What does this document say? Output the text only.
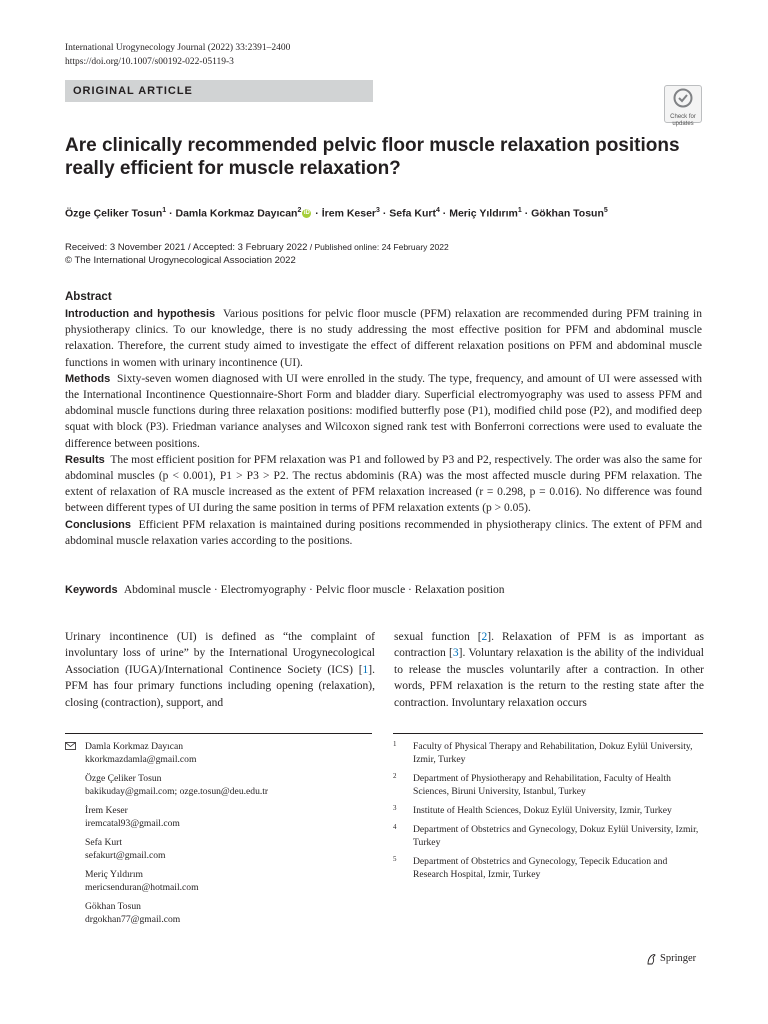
International Urogynecology Journal (2022) 33:2391–2400
https://doi.org/10.1007/s00192-022-05119-3
ORIGINAL ARTICLE
Check for updates
Are clinically recommended pelvic floor muscle relaxation positions
really efficient for muscle relaxation?
Özge Çeliker Tosun$^1$ · Damla Korkmaz Dayıcan$^2$ iD · İrem Keser$^3$ · Sefa Kurt$^4$ · Meriç Yıldırım$^1$ · Gökhan Tosun$^5$
Received: 3 November 2021 / Accepted: 3 February 2022 / Published online: 24 February 2022
© The International Urogynecological Association 2022
Abstract

Introduction and hypothesis Various positions for pelvic floor muscle (PFM) relaxation are recommended during PFM training in physiotherapy clinics. To our knowledge, there is no study addressing the most effective position for PFM and abdominal muscle relaxation. Therefore, the current study aimed to investigate the effect of different relaxation positions on PFM and abdominal muscle functions in women with urinary incontinence (UI).

Methods Sixty-seven women diagnosed with UI were enrolled in the study. The type, frequency, and amount of UI were assessed with the International Incontinence Questionnaire-Short Form and bladder diary. Superficial electromyography was used to assess PFM and abdominal muscle functions during three relaxation positions: modified butterfly pose (P1), modified child pose (P2), and modified deep squat with block (P3). Friedman variance analyses and Wilcoxon signed rank test with Bonferroni corrections were used to evaluate the difference between positions.

Results The most efficient position for PFM relaxation was P1 and followed by P3 and P2, respectively. The order was also the same for abdominal muscles (p < 0.001), P1 > P3 > P2. The rectus abdominis (RA) was the most affected muscle during PFM relaxation. The extent of relaxation of RA muscle increased as the extent of PFM relaxation increased (r = 0.298, p = 0.016). No difference was found between different types of UI during the same position in terms of PFM relaxation extents (p > 0.05).

Conclusions Efficient PFM relaxation is maintained during positions recommended in physiotherapy clinics. The extent of PFM and abdominal muscle relaxation varies according to the positions.

Keywords Abdominal muscle · Electromyography · Pelvic floor muscle · Relaxation position
Urinary incontinence (UI) is defined as “the complaint of involuntary loss of urine” by the International Urogynecological Association (IUGA)/International Continence Society (ICS) [1]. PFM has four primary functions including opening (relaxation), closing (contraction), support, and
sexual function [2]. Relaxation of PFM is as important as contraction [3]. Voluntary relaxation is the ability of the individual to release the muscles voluntarily after a contraction. In other words, PFM relaxation is the return to the resting state after the contraction. Involuntary relaxation occurs
Damla Korkmaz Dayıcan
kkorkmazdamla@gmail.com
Özge Çeliker Tosun
bakikuday@gmail.com; ozge.tosun@deu.edu.tr
İrem Keser
iremcatal93@gmail.com
Sefa Kurt
sefakurt@gmail.com
Meriç Yıldırım
mericsenduran@hotmail.com
Gökhan Tosun
drgokhan77@gmail.com
1 Faculty of Physical Therapy and Rehabilitation, Dokuz Eylül University, Izmir, Turkey
2 Department of Physiotherapy and Rehabilitation, Faculty of Health Sciences, Biruni University, Istanbul, Turkey
3 Institute of Health Sciences, Dokuz Eylül University, Izmir, Turkey
4 Department of Obstetrics and Gynecology, Dokuz Eylül University, Izmir, Turkey
5 Department of Obstetrics and Gynecology, Tepecik Education and Research Hospital, Izmir, Turkey
Springer
